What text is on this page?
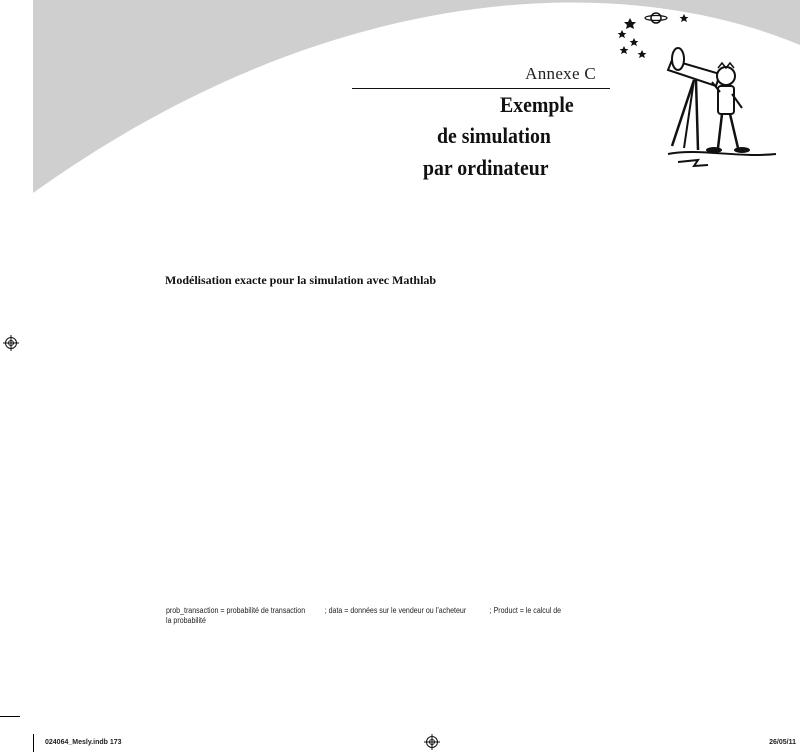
Annexe C
Exemple
de simulation
par ordinateur
Modélisation exacte pour la simulation avec Mathlab
prob_transaction = probabilité de transaction ; data = données sur le vendeur ou l’acheteur	; Product = le calcul de
la probabilité
024064_Mesly.indb 173	26/05/11
